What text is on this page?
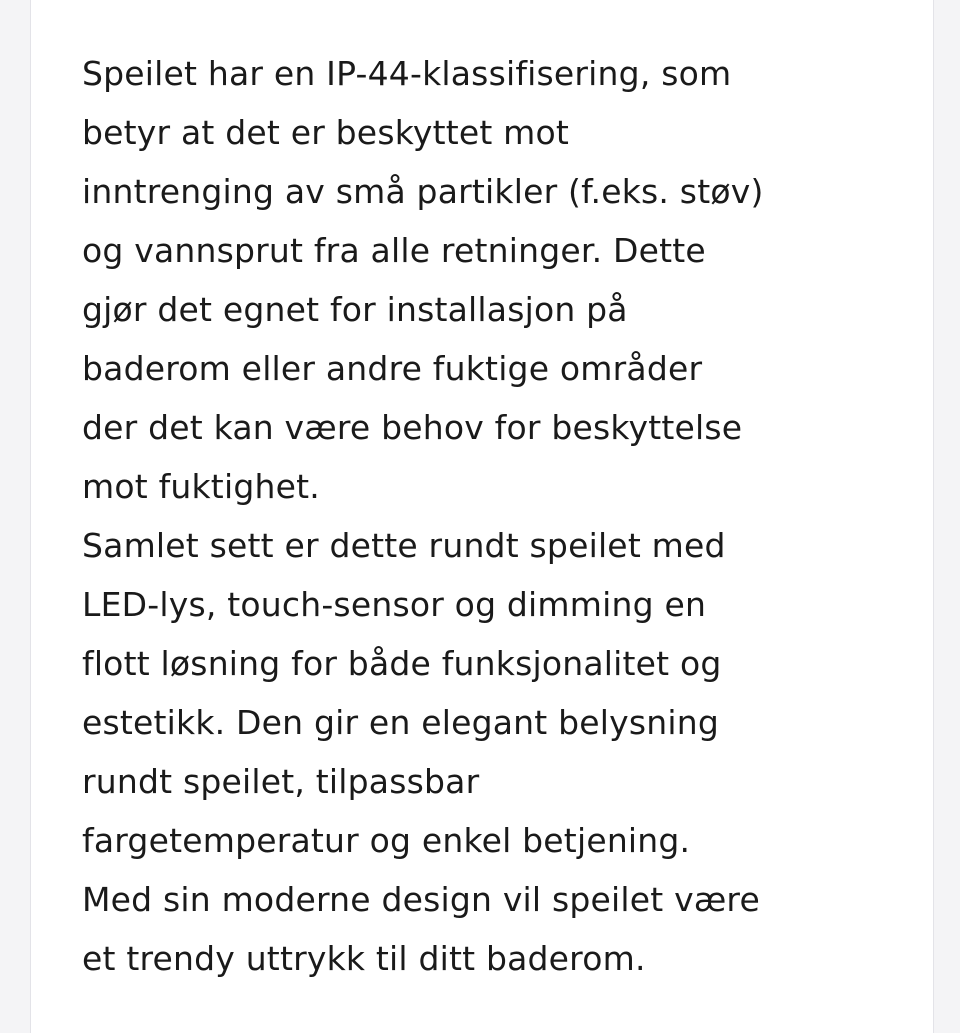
Speilet har en IP-44-klassifisering, som
betyr at det er beskyttet mot
inntrenging av små partikler (f.eks. støv)
og vannsprut fra alle retninger. Dette
gjør det egnet for installasjon på
baderom eller andre fuktige områder
der det kan være behov for beskyttelse
mot fuktighet.
Samlet sett er dette rundt speilet med
LED-lys, touch-sensor og dimming en
flott løsning for både funksjonalitet og
estetikk. Den gir en elegant belysning
rundt speilet, tilpassbar
fargetemperatur og enkel betjening.
Med sin moderne design vil speilet være
et trendy uttrykk til ditt baderom.
